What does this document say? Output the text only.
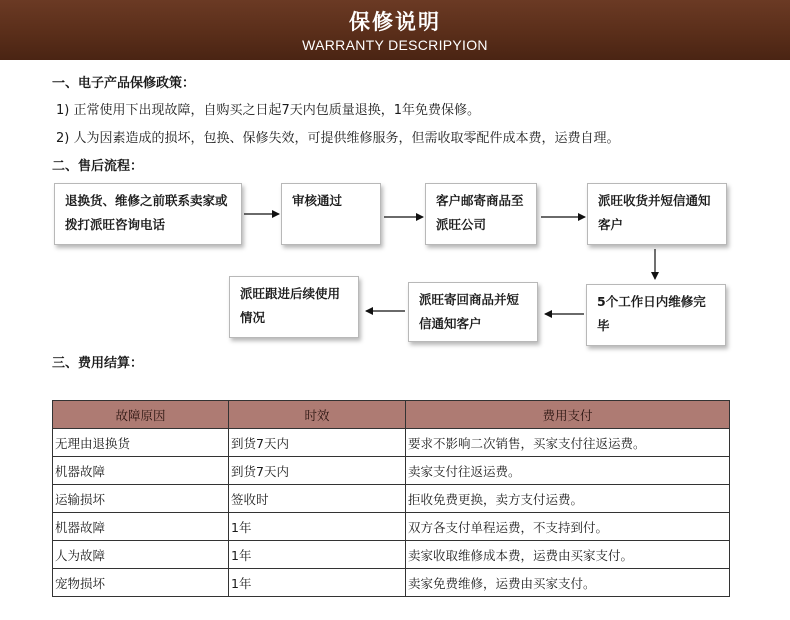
保修说明
WARRANTY DESCRIPYION
一、电子产品保修政策：
1) 正常使用下出现故障，自购买之日起7天内包质量退换，1年免费保修。
2) 人为因素造成的损坏，包换、保修失效，可提供维修服务，但需收取零配件成本费，运费自理。
二、售后流程：
退换货、维修之前联系卖家或拨打派旺咨询电话
审核通过	客户邮寄商品至派旺公司
派旺收货并短信通知客户
5个工作日内维修完毕
派旺寄回商品并短信通知客户
派旺跟进后续使用情况
三、费用结算：
故障原因	时效	费用支付
无理由退换货	到货7天内	要求不影响二次销售，买家支付往返运费。
机器故障	到货7天内	卖家支付往返运费。
运输损坏	签收时	拒收免费更换，卖方支付运费。
机器故障	1年	双方各支付单程运费，不支持到付。
人为故障	1年	卖家收取维修成本费，运费由买家支付。
宠物损坏	1年	卖家免费维修，运费由买家支付。
